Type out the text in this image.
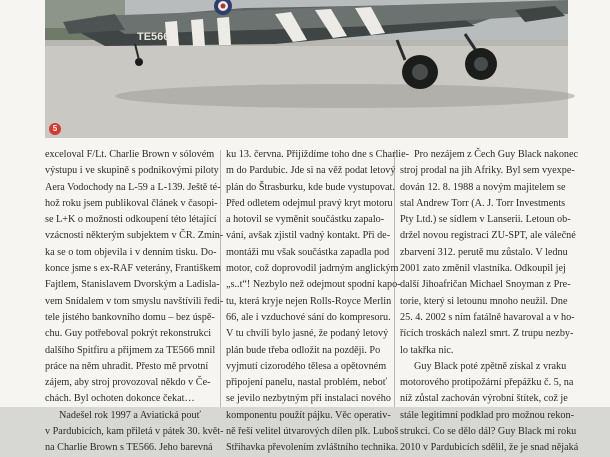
TE566
5
exceloval F/Lt. Charlie Brown v sólovém
výstupu i ve skupině s podnikovými piloty
Aera Vodochody na L-59 a L-139. Ještě té-
hož roku jsem publikoval článek v časopi-
se L+K o možnosti odkoupení této létající
vzácnosti některým subjektem v ČR. Zmín-
ka se o tom objevila i v denním tisku. Do-
konce jsme s ex-RAF veterány, Františkem
Fajtlem, Stanislavem Dvorským a Ladisla-
vem Snídalem v tom smyslu navštívili ředi-
tele jistého bankovního domu – bez úspě-
chu. Guy potřeboval pokrýt rekonstrukci
dalšího Spitfiru a přijmem za TE566 mnil
práce na něm uhradit. Přesto mě prvotní
zájem, aby stroj provozoval někdo v Če-
chách. Byl ochoten dokonce čekat…
Nadešel rok 1997 a Aviatická pouť
v Pardubicích, kam přiletá v pátek 30. květ-
na Charlie Brown s TE566. Jeho barevná
ku 13. června. Přijíždíme toho dne s Charlie-
m do Pardubic. Jde si na věž podat letový
plán do Štrasburku, kde bude vystupovat.
Před odletem odejmul pravý kryt motoru
a hotovil se vyměnit součástku zapalo-
vání, avšak zjistil vadný kontakt. Při de-
montáži mu však součástka zapadla pod
motor, což doprovodil jadrným anglickým
„s..t“! Nezbylo než odejmout spodní kapo-
tu, která kryje nejen Rolls-Royce Merlin
66, ale i vzduchové sání do kompresoru.
V tu chvíli bylo jasné, že podaný letový
plán bude třeba odložit na později. Po
vyjmutí cizorodého tělesa a opětovném
připojení panelu, nastal problém, neboť
se jevilo nezbytným při instalaci nového
komponentu použít pájku. Věc operativ-
ně řeší velitel útvarových dílen plk. Luboš
Střihavka převolením zvláštního technika.
Pro nezájem z Čech Guy Black nakonec
stroj prodal na jih Afriky. Byl sem vyexpe-
dován 12. 8. 1988 a novým majitelem se
stal Andrew Torr (A. J. Torr Investments
Pty Ltd.) se sídlem v Lanserii. Letoun ob-
držel novou registraci ZU-SPT, ale válečné
zbarvení 312. perutě mu zůstalo. V lednu
2001 zato změnil vlastníka. Odkoupil jej
další Jihoafričan Michael Snoyman z Pre-
torie, který si letounu mnoho neužil. Dne
25. 4. 2002 s ním fatálně havaroval a v ho-
řících troskách nalezl smrt. Z trupu nezby-
lo takřka nic.
Guy Black poté zpětně získal z vraku
motorového protipožární přepážku č. 5, na
níž zůstal zachován výrobní štítek, což je
stále legitimní podklad pro možnou rekon-
strukci. Co se dělo dál? Guy Black mi roku
2010 v Pardubicích sdělil, že je snad nějaká
